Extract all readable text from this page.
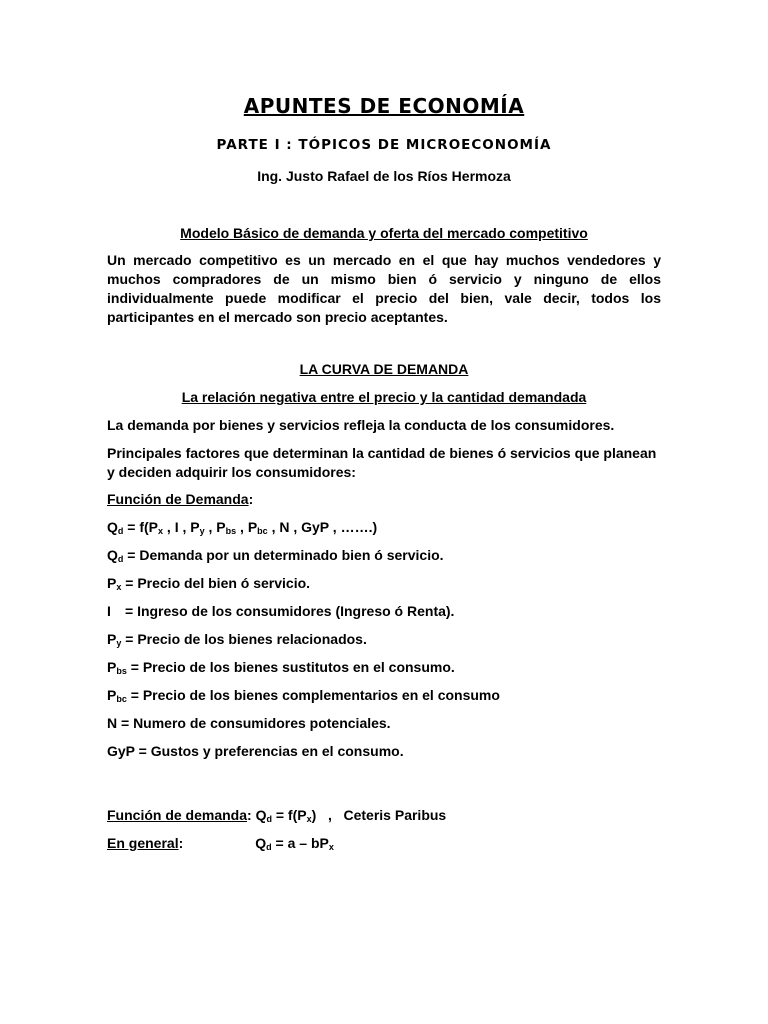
APUNTES DE ECONOMÍA
PARTE I : TÓPICOS DE MICROECONOMÍA
Ing. Justo Rafael de los Ríos Hermoza
Modelo Básico de demanda y oferta del mercado competitivo
Un mercado competitivo es un mercado en el que hay muchos vendedores y muchos compradores de un mismo bien ó servicio y ninguno de ellos individualmente puede modificar el precio del bien, vale decir, todos los participantes en el mercado son precio aceptantes.
LA CURVA DE DEMANDA
La relación negativa entre el precio y la cantidad demandada
La demanda por bienes y servicios refleja la conducta de los consumidores.
Principales factores que determinan la cantidad de bienes ó servicios que planean y deciden adquirir los consumidores:
Función de Demanda:
$Q_d = f(P_x$ , I , $P_y$ , $P_{bs}$ , $P_{bc}$ , N , GyP , …….)
$Q_d$ = Demanda por un determinado bien ó servicio.
$P_x$ = Precio del bien ó servicio.
I = Ingreso de los consumidores (Ingreso ó Renta).
$P_y$ = Precio de los bienes relacionados.
$P_{bs}$ = Precio de los bienes sustitutos en el consumo.
$P_{bc}$ = Precio de los bienes complementarios en el consumo
N = Numero de consumidores potenciales.
GyP = Gustos y preferencias en el consumo.
Función de demanda: $Q_d = f(P_x)$   ,   Ceteris Paribus
En general:	$Q_d = a - bP_x$
